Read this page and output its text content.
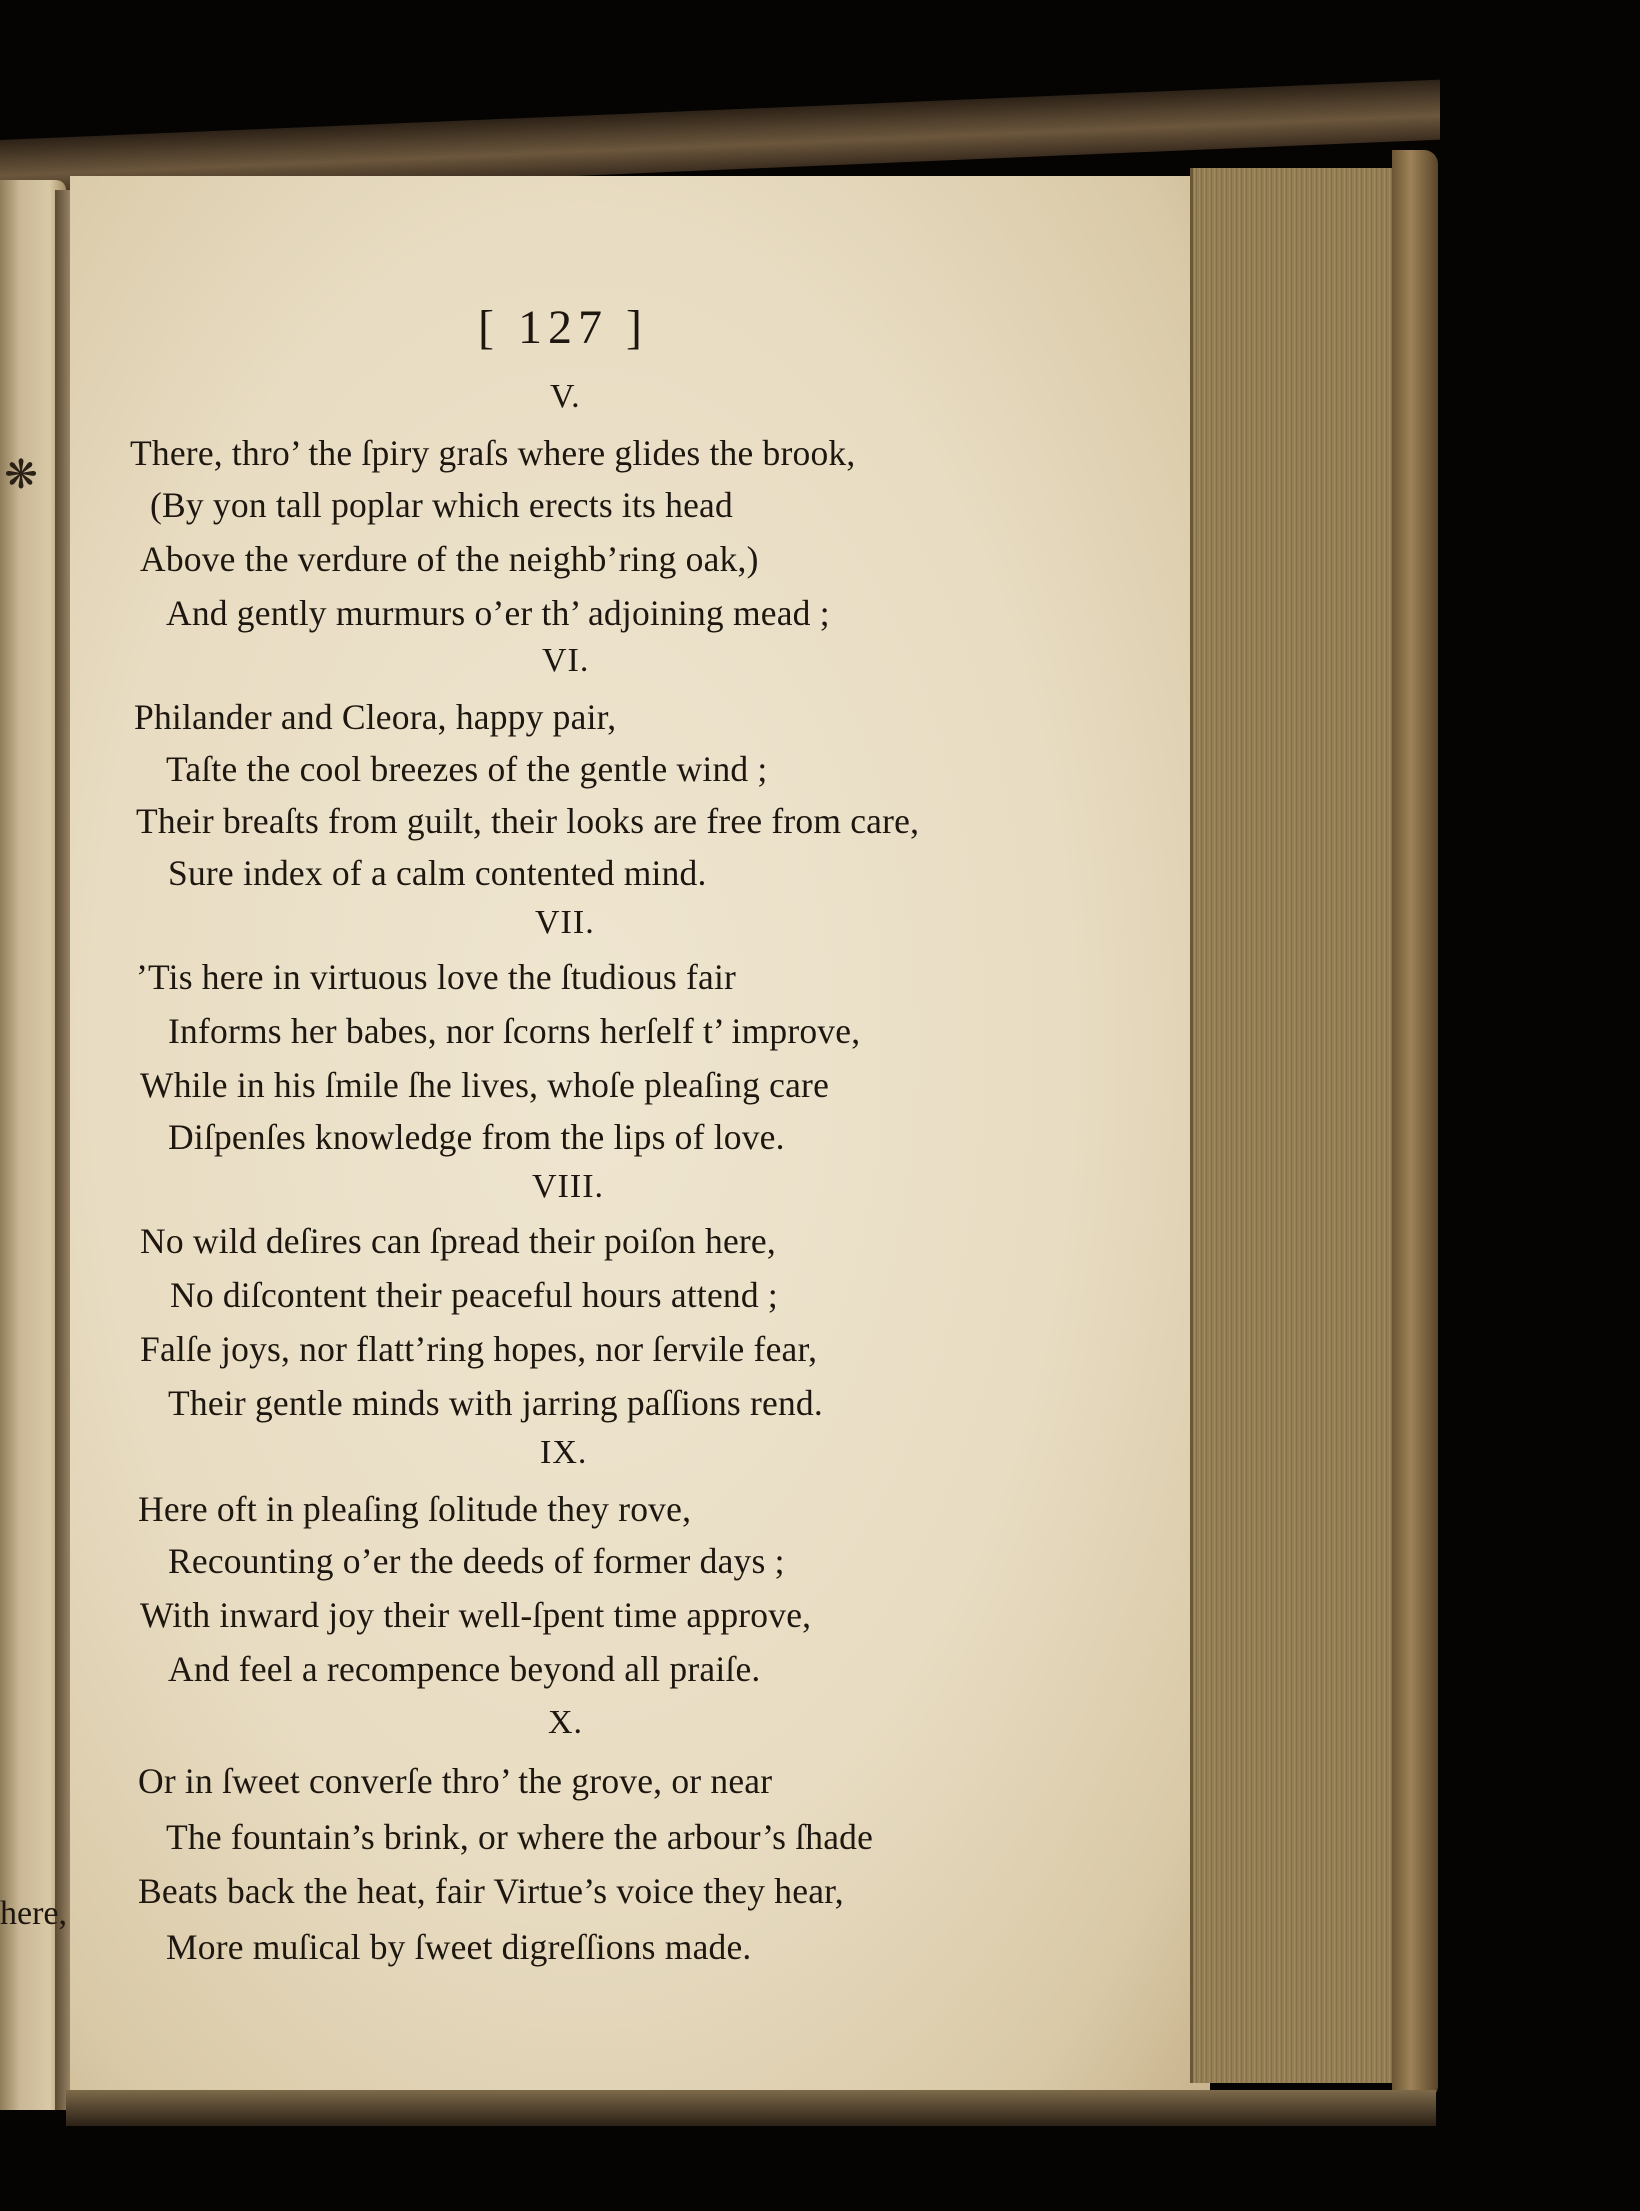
❋
here,
[ 127 ]
V.
There, thro’ the ſpiry graſs where glides the brook,
(By yon tall poplar which erects its head
Above the verdure of the neighb’ring oak,)
And gently murmurs o’er th’ adjoining mead ;
VI.
Philander and Cleora, happy pair,
Taſte the cool breezes of the gentle wind ;
Their breaſts from guilt, their looks are free from care,
Sure index of a calm contented mind.
VII.
’Tis here in virtuous love the ſtudious fair
Informs her babes, nor ſcorns herſelf t’ improve,
While in his ſmile ſhe lives, whoſe pleaſing care
Diſpenſes knowledge from the lips of love.
VIII.
No wild deſires can ſpread their poiſon here,
No diſcontent their peaceful hours attend ;
Falſe joys, nor flatt’ring hopes, nor ſervile fear,
Their gentle minds with jarring paſſions rend.
IX.
Here oft in pleaſing ſolitude they rove,
Recounting o’er the deeds of former days ;
With inward joy their well-ſpent time approve,
And feel a recompence beyond all praiſe.
X.
Or in ſweet converſe thro’ the grove, or near
The fountain’s brink, or where the arbour’s ſhade
Beats back the heat, fair Virtue’s voice they hear,
More muſical by ſweet digreſſions made.
